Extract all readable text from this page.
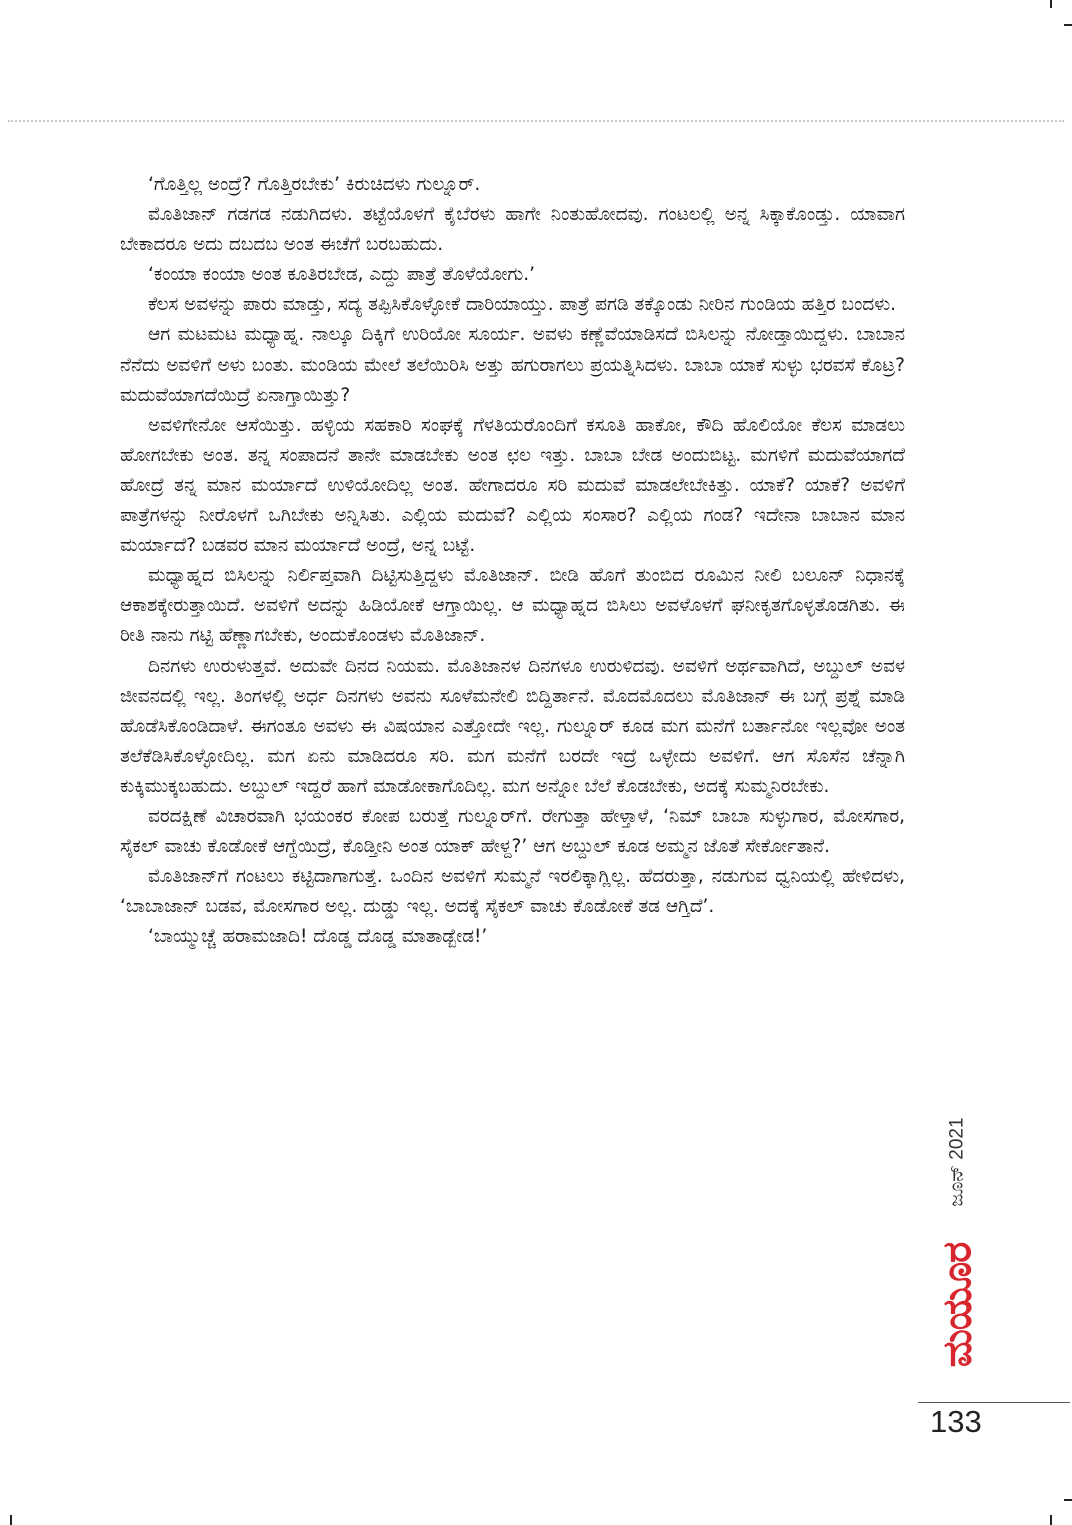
‘ಗೊತ್ತಿಲ್ಲ ಅಂದ್ರೆ? ಗೊತ್ತಿರಬೇಕು’ ಕಿರುಚಿದಳು ಗುಲ್ನೂರ್.

ಮೊತಿಜಾನ್ ಗಡಗಡ ನಡುಗಿದಳು. ತಟ್ಟೆಯೊಳಗೆ ಕೈಬೆರಳು ಹಾಗೇ ನಿಂತುಹೋದವು. ಗಂಟಲಲ್ಲಿ ಅನ್ನ ಸಿಕ್ಕಾಕೊಂಡ್ತು. ಯಾವಾಗ ಬೇಕಾದರೂ ಅದು ದಬದಬ ಅಂತ ಈಚೆಗೆ ಬರಬಹುದು.

‘ಕಂಯಾ ಕಂಯಾ ಅಂತ ಕೂತಿರಬೇಡ, ಎದ್ದು ಪಾತ್ರೆ ತೊಳೆಯೋಗು.’

ಕೆಲಸ ಅವಳನ್ನು ಪಾರು ಮಾಡ್ತು, ಸದ್ಯ ತಪ್ಪಿಸಿಕೊಳ್ಳೋಕೆ ದಾರಿಯಾಯ್ತು. ಪಾತ್ರೆ ಪಗಡಿ ತಕ್ಕೊಂಡು ನೀರಿನ ಗುಂಡಿಯ ಹತ್ತಿರ ಬಂದಳು.

ಆಗ ಮಟಮಟ ಮಧ್ಯಾಹ್ನ. ನಾಲ್ಕೂ ದಿಕ್ಕಿಗೆ ಉರಿಯೋ ಸೂರ್ಯ. ಅವಳು ಕಣ್ಣೆವೆಯಾಡಿಸದೆ ಬಿಸಿಲನ್ನು ನೋಡ್ತಾಯಿದ್ದಳು. ಬಾಬಾನ ನೆನೆದು ಅವಳಿಗೆ ಅಳು ಬಂತು. ಮಂಡಿಯ ಮೇಲೆ ತಲೆಯಿರಿಸಿ ಅತ್ತು ಹಗುರಾಗಲು ಪ್ರಯತ್ನಿಸಿದಳು. ಬಾಬಾ ಯಾಕೆ ಸುಳ್ಳು ಭರವಸೆ ಕೊಟ್ರ? ಮದುವೆಯಾಗದೆಯಿದ್ರೆ ಏನಾಗ್ತಾಯಿತ್ತು?

ಅವಳಿಗೇನೋ ಆಸೆಯಿತ್ತು. ಹಳ್ಳಿಯ ಸಹಕಾರಿ ಸಂಘಕ್ಕೆ ಗೆಳತಿಯರೊಂದಿಗೆ ಕಸೂತಿ ಹಾಕೋ, ಕೌದಿ ಹೊಲಿಯೋ ಕೆಲಸ ಮಾಡಲು ಹೋಗಬೇಕು ಅಂತ. ತನ್ನ ಸಂಪಾದನೆ ತಾನೇ ಮಾಡಬೇಕು ಅಂತ ಛಲ ಇತ್ತು. ಬಾಬಾ ಬೇಡ ಅಂದುಬಿಟ್ಟ. ಮಗಳಿಗೆ ಮದುವೆಯಾಗದೆ ಹೋದ್ರೆ ತನ್ನ ಮಾನ ಮರ್ಯಾದೆ ಉಳಿಯೋದಿಲ್ಲ ಅಂತ. ಹೇಗಾದರೂ ಸರಿ ಮದುವೆ ಮಾಡಲೇಬೇಕಿತ್ತು. ಯಾಕೆ? ಯಾಕೆ? ಅವಳಿಗೆ ಪಾತ್ರೆಗಳನ್ನು ನೀರೊಳಗೆ ಒಗಿಬೇಕು ಅನ್ನಿಸಿತು. ಎಲ್ಲಿಯ ಮದುವೆ? ಎಲ್ಲಿಯ ಸಂಸಾರ? ಎಲ್ಲಿಯ ಗಂಡ? ಇದೇನಾ ಬಾಬಾನ ಮಾನ ಮರ್ಯಾದೆ? ಬಡವರ ಮಾನ ಮರ್ಯಾದೆ ಅಂದ್ರೆ, ಅನ್ನ ಬಟ್ಟೆ.

ಮಧ್ಯಾಹ್ನದ ಬಿಸಿಲನ್ನು ನಿರ್ಲಿಪ್ತವಾಗಿ ದಿಟ್ಟಿಸುತ್ತಿದ್ದಳು ಮೊತಿಜಾನ್. ಬೀಡಿ ಹೊಗೆ ತುಂಬಿದ ರೂಮಿನ ನೀಲಿ ಬಲೂನ್ ನಿಧಾನಕ್ಕೆ ಆಕಾಶಕ್ಕೇರುತ್ತಾಯಿದೆ. ಅವಳಿಗೆ ಅದನ್ನು ಹಿಡಿಯೋಕೆ ಆಗ್ತಾಯಿಲ್ಲ. ಆ ಮಧ್ಯಾಹ್ನದ ಬಿಸಿಲು ಅವಳೊಳಗೆ ಘನೀಕೃತಗೊಳ್ಳತೊಡಗಿತು. ಈ ರೀತಿ ನಾನು ಗಟ್ಟಿ ಹೆಣ್ಣಾಗಬೇಕು, ಅಂದುಕೊಂಡಳು ಮೊತಿಜಾನ್.

ದಿನಗಳು ಉರುಳುತ್ತವೆ. ಅದುವೇ ದಿನದ ನಿಯಮ. ಮೊತಿಜಾನಳ ದಿನಗಳೂ ಉರುಳಿದವು. ಅವಳಿಗೆ ಅರ್ಥವಾಗಿದೆ, ಅಬ್ದುಲ್ ಅವಳ ಜೀವನದಲ್ಲಿ ಇಲ್ಲ. ತಿಂಗಳಲ್ಲಿ ಅರ್ಧ ದಿನಗಳು ಅವನು ಸೂಳೆಮನೇಲಿ ಬಿದ್ದಿರ್ತಾನೆ. ಮೊದಮೊದಲು ಮೊತಿಜಾನ್ ಈ ಬಗ್ಗೆ ಪ್ರಶ್ನೆ ಮಾಡಿ ಹೊಡೆಸಿಕೊಂಡಿದಾಳೆ. ಈಗಂತೂ ಅವಳು ಈ ವಿಷಯಾನ ಎತ್ತೋದೇ ಇಲ್ಲ. ಗುಲ್ನೂರ್ ಕೂಡ ಮಗ ಮನೆಗೆ ಬರ್ತಾನೋ ಇಲ್ಲವೋ ಅಂತ ತಲೆಕೆಡಿಸಿಕೊಳ್ಳೋದಿಲ್ಲ. ಮಗ ಏನು ಮಾಡಿದರೂ ಸರಿ. ಮಗ ಮನೆಗೆ ಬರದೇ ಇದ್ರೆ ಒಳ್ಳೇದು ಅವಳಿಗೆ. ಆಗ ಸೊಸೆನ ಚೆನ್ನಾಗಿ ಕುಕ್ಕಿಮುಕ್ಕಬಹುದು. ಅಬ್ದುಲ್ ಇದ್ದರೆ ಹಾಗೆ ಮಾಡೋಕಾಗೊದಿಲ್ಲ. ಮಗ ಅನ್ನೋ ಬೆಲೆ ಕೊಡಬೇಕು, ಅದಕ್ಕೆ ಸುಮ್ಮನಿರಬೇಕು.

ವರದಕ್ಷಿಣೆ ವಿಚಾರವಾಗಿ ಭಯಂಕರ ಕೋಪ ಬರುತ್ತೆ ಗುಲ್ನೂರ್‌ಗೆ. ರೇಗುತ್ತಾ ಹೇಳ್ತಾಳೆ, ‘ನಿಮ್ ಬಾಬಾ ಸುಳ್ಳುಗಾರ, ಮೋಸಗಾರ, ಸೈಕಲ್ ವಾಚು ಕೊಡೋಕೆ ಆಗ್ದೆಯಿದ್ರೆ, ಕೊಡ್ತೀನಿ ಅಂತ ಯಾಕ್ ಹೇಳ್ದ?’ ಆಗ ಅಬ್ದುಲ್ ಕೂಡ ಅಮ್ಮನ ಜೊತೆ ಸೇರ್ಕೋತಾನೆ.

ಮೊತಿಜಾನ್‌ಗೆ ಗಂಟಲು ಕಟ್ಟಿದಾಗಾಗುತ್ತೆ. ಒಂದಿನ ಅವಳಿಗೆ ಸುಮ್ಮನೆ ಇರಲಿಕ್ಕಾಗ್ಲಿಲ್ಲ. ಹೆದರುತ್ತಾ, ನಡುಗುವ ಧ್ವನಿಯಲ್ಲಿ ಹೇಳಿದಳು, ‘ಬಾಬಾಜಾನ್ ಬಡವ, ಮೋಸಗಾರ ಅಲ್ಲ. ದುಡ್ಡು ಇಲ್ಲ. ಅದಕ್ಕೆ ಸೈಕಲ್ ವಾಚು ಕೊಡೋಕೆ ತಡ ಆಗ್ತಿದೆ’.

‘ಬಾಯ್ಮುಚ್ಚೆ ಹರಾಮಜಾದಿ! ದೊಡ್ಡ ದೊಡ್ಡ ಮಾತಾಡ್ಬೇಡ!’

ಜೂನ್ 2021
ಮಯೂರ
133
